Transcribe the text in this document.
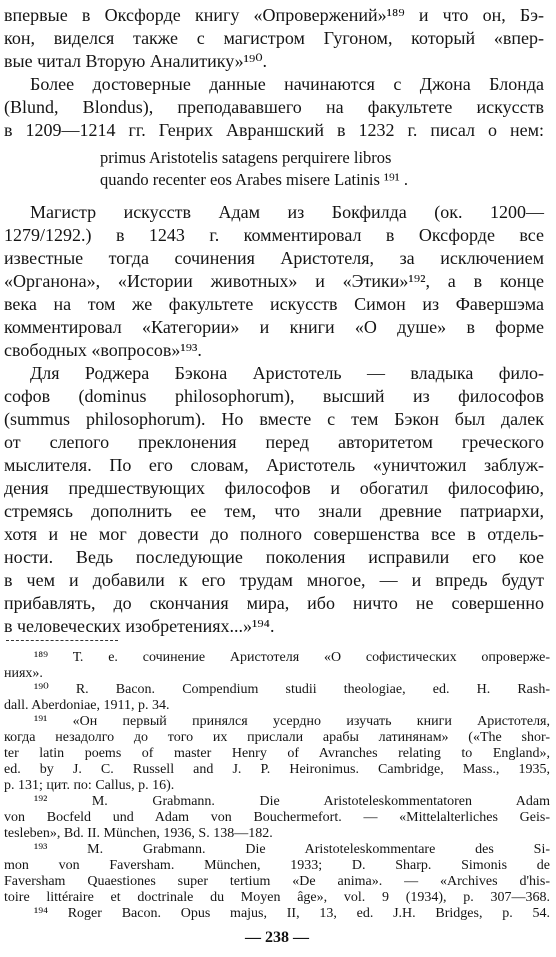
впервые в Оксфорде книгу «Опровержений»¹⁸⁹ и что он, Бэ-
кон, виделся также с магистром Гугоном, который «впер-
вые читал Вторую Аналитику»¹⁹⁰.
Более достоверные данные начинаются с Джона Блонда
(Blund, Blondus), преподававшего на факультете искусств
в 1209—1214 гг. Генрих Авраншский в 1232 г. писал о нем:
primus Aristotelis satagens perquirere libros
quando recenter eos Arabes misere Latinis ¹⁹¹ .
Магистр искусств Адам из Бокфилда (ок. 1200—
1279/1292.) в 1243 г. комментировал в Оксфорде все
известные тогда сочинения Аристотеля, за исключением
«Органона», «Истории животных» и «Этики»¹⁹², а в конце
века на том же факультете искусств Симон из Фавершэма
комментировал «Категории» и книги «О душе» в форме
свободных «вопросов»¹⁹³.
Для Роджера Бэкона Аристотель — владыка фило-
софов (dominus philosophorum), высший из философов
(summus philosophorum). Но вместе с тем Бэкон был далек
от слепого преклонения перед авторитетом греческого
мыслителя. По его словам, Аристотель «уничтожил заблуж-
дения предшествующих философов и обогатил философию,
стремясь дополнить ее тем, что знали древние патриархи,
хотя и не мог довести до полного совершенства все в отдель-
ности. Ведь последующие поколения исправили его кое
в чем и добавили к его трудам многое, — и впредь будут
прибавлять, до скончания мира, ибо ничто не совершенно
в человеческих изобретениях...»¹⁹⁴.
¹⁸⁹ Т. е. сочинение Аристотеля «О софистических опроверже-
ниях».
¹⁹⁰ R. Bacon. Compendium studii theologiae, ed. H. Rash-
dall. Aberdoniae, 1911, p. 34.
¹⁹¹ «Он первый принялся усердно изучать книги Аристотеля,
когда незадолго до того их прислали арабы латинянам» («The shor-
ter latin poems of master Henry of Avranches relating to England»,
ed. by J. C. Russell and J. P. Heironimus. Cambridge, Mass., 1935,
p. 131; цит. по: Callus, p. 16).
¹⁹² M. Grabmann. Die Aristoteleskommentatoren Adam
von Bocfeld und Adam von Bouchermefort. — «Mittelalterliches Geis-
tesleben», Bd. II. München, 1936, S. 138—182.
¹⁹³ M. Grabmann. Die Aristoteleskommentare des Si-
mon von Faversham. München, 1933; D. Sharp. Simonis de
Faversham Quaestiones super tertium «De anima». — «Archives d'his-
toire littéraire et doctrinale du Moyen âge», vol. 9 (1934), p. 307—368.
¹⁹⁴ Roger Bacon. Opus majus, II, 13, ed. J.H. Bridges, p. 54.
— 238 —
